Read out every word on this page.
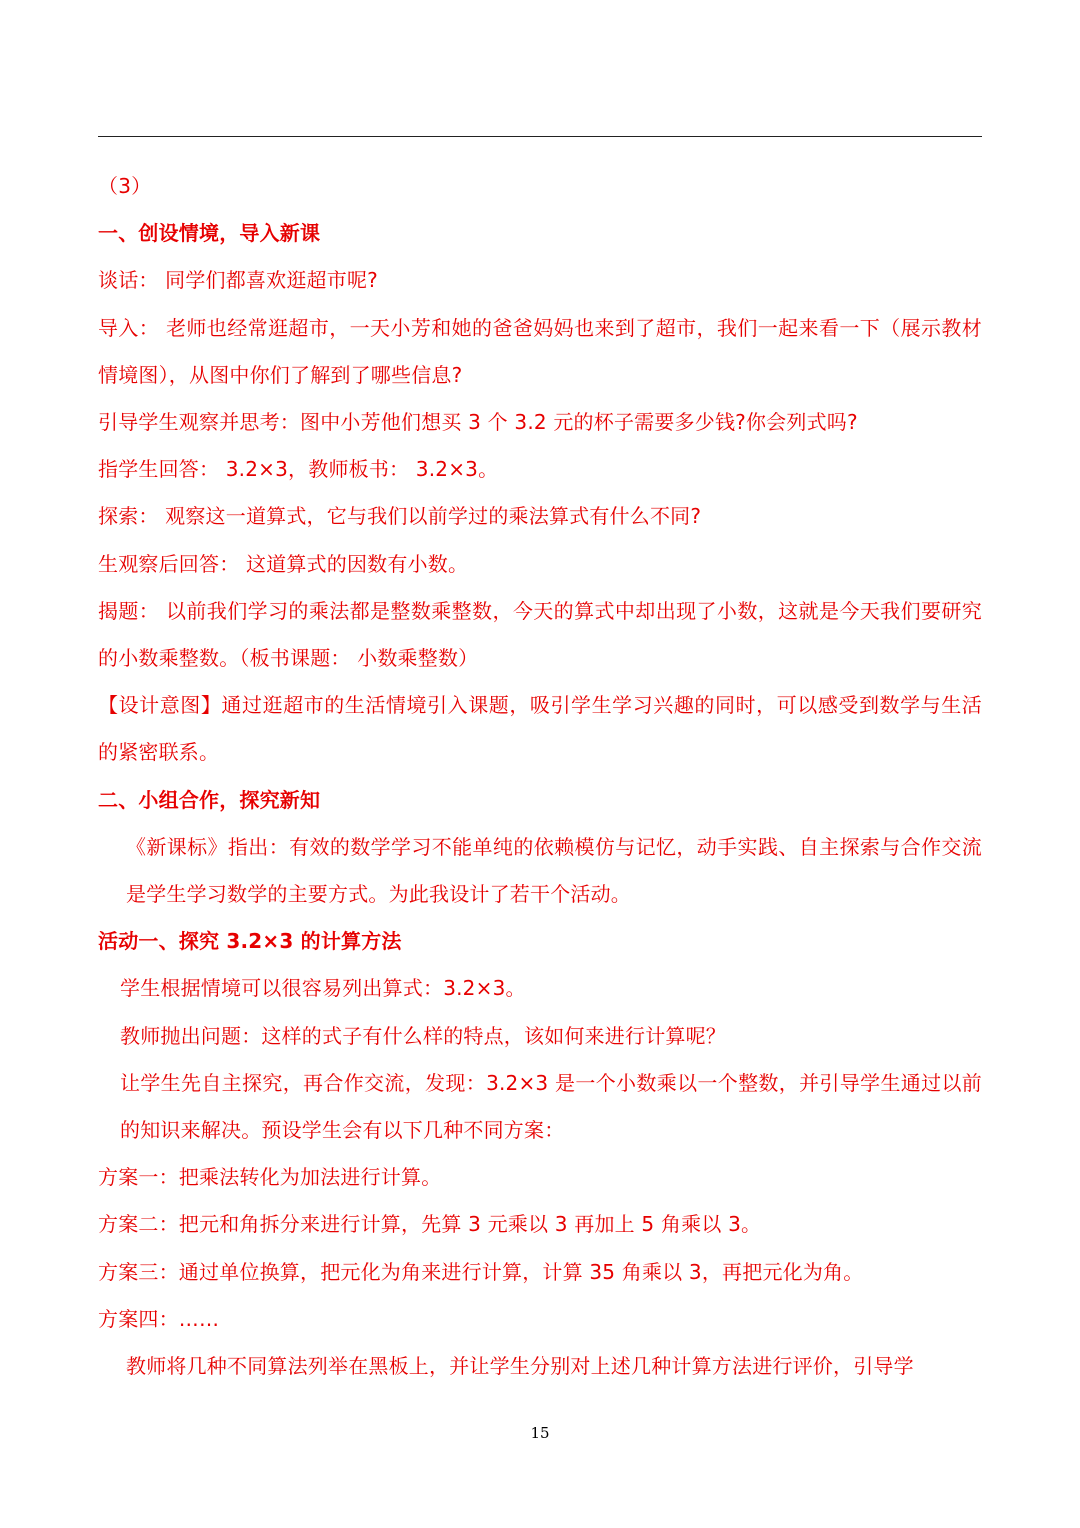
（3）

一、创设情境，导入新课

谈话： 同学们都喜欢逛超市呢?

导入： 老师也经常逛超市，一天小芳和她的爸爸妈妈也来到了超市，我们一起来看一下（展示教材情境图），从图中你们了解到了哪些信息?

引导学生观察并思考：图中小芳他们想买 3 个 3.2 元的杯子需要多少钱?你会列式吗?

指学生回答： 3.2×3，教师板书： 3.2×3。

探索： 观察这一道算式，它与我们以前学过的乘法算式有什么不同?

生观察后回答： 这道算式的因数有小数。

揭题： 以前我们学习的乘法都是整数乘整数，今天的算式中却出现了小数，这就是今天我们要研究的小数乘整数。（板书课题： 小数乘整数）

【设计意图】通过逛超市的生活情境引入课题，吸引学生学习兴趣的同时，可以感受到数学与生活的紧密联系。

二、小组合作，探究新知

《新课标》指出：有效的数学学习不能单纯的依赖模仿与记忆，动手实践、自主探索与合作交流是学生学习数学的主要方式。为此我设计了若干个活动。

活动一、探究 3.2×3 的计算方法

学生根据情境可以很容易列出算式：3.2×3。

教师抛出问题：这样的式子有什么样的特点，该如何来进行计算呢？

让学生先自主探究，再合作交流，发现：3.2×3 是一个小数乘以一个整数，并引导学生通过以前的知识来解决。预设学生会有以下几种不同方案：

方案一：把乘法转化为加法进行计算。

方案二：把元和角拆分来进行计算，先算 3 元乘以 3 再加上 5 角乘以 3。

方案三：通过单位换算，把元化为角来进行计算，计算 35 角乘以 3，再把元化为角。

方案四：……

教师将几种不同算法列举在黑板上，并让学生分别对上述几种计算方法进行评价，引导学

15
